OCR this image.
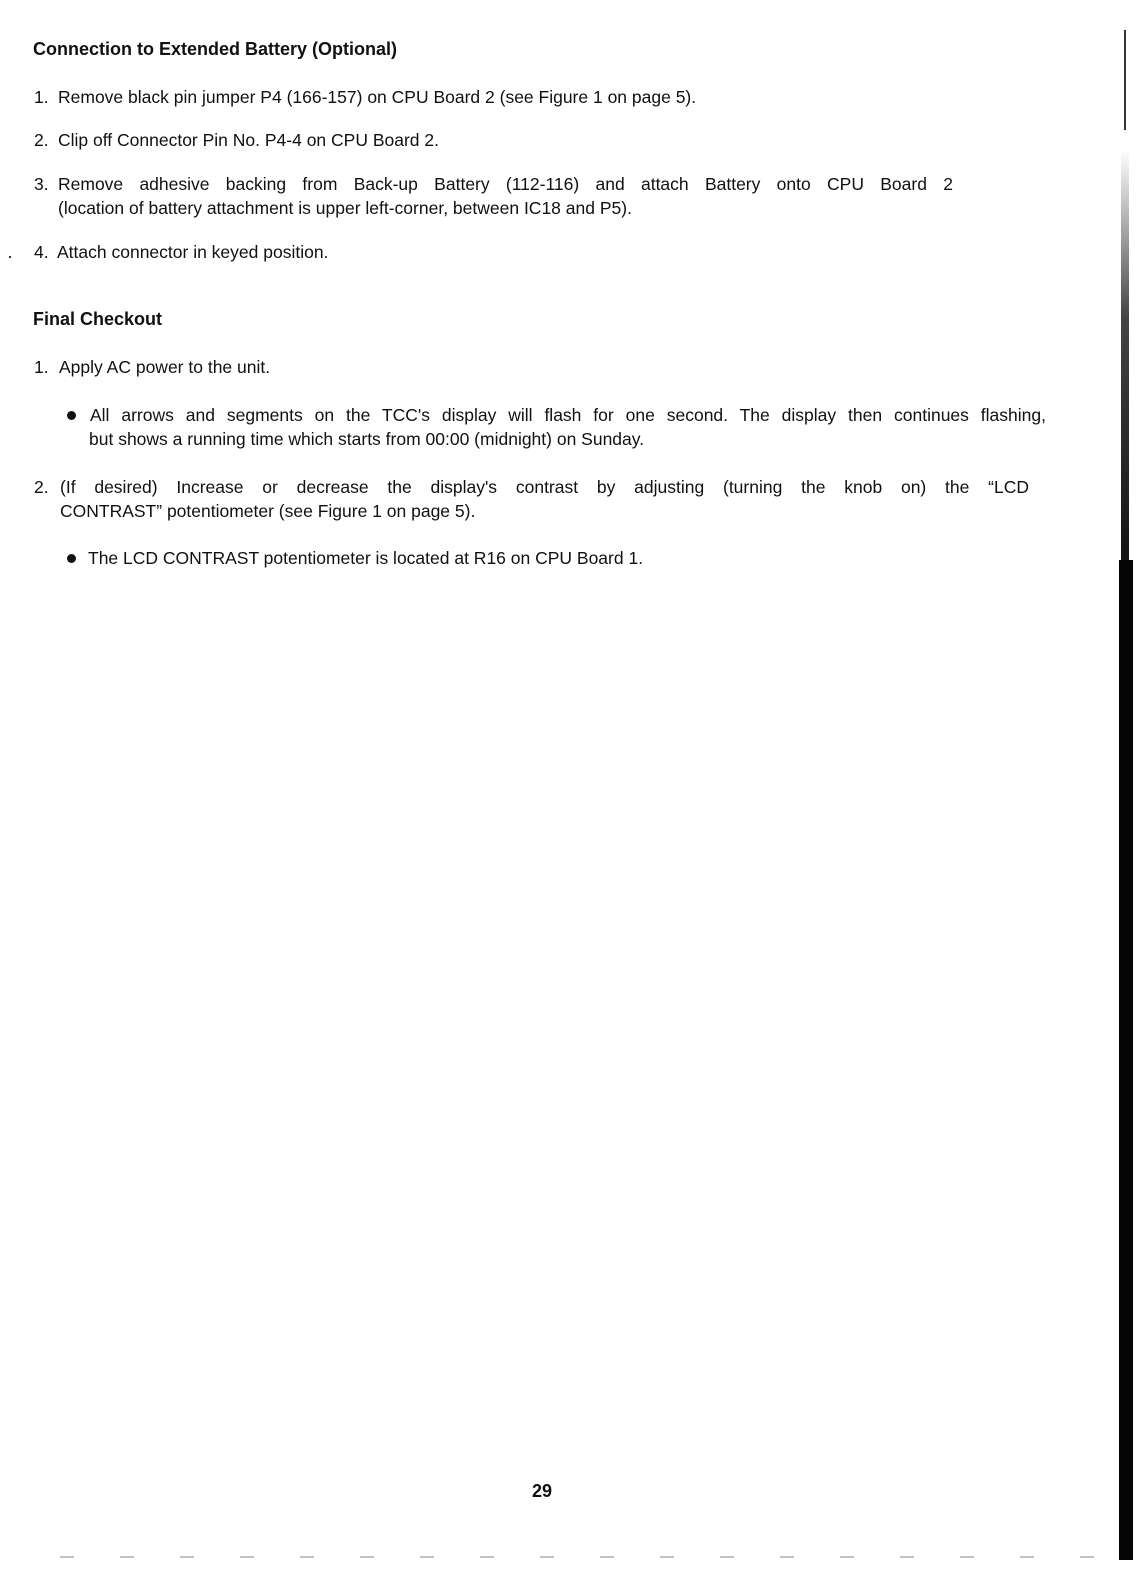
Connection to Extended Battery (Optional)
1. Remove black pin jumper P4 (166-157) on CPU Board 2 (see Figure 1 on page 5).
2. Clip off Connector Pin No. P4-4 on CPU Board 2.
3. Remove adhesive backing from Back-up Battery (112-116) and attach Battery onto CPU Board 2
(location of battery attachment is upper left-corner, between IC18 and P5).
4. Attach connector in keyed position.
Final Checkout
1. Apply AC power to the unit.
All arrows and segments on the TCC's display will flash for one second. The display then continues flashing,
but shows a running time which starts from 00:00 (midnight) on Sunday.
2. (If desired) Increase or decrease the display's contrast by adjusting (turning the knob on) the “LCD
CONTRAST” potentiometer (see Figure 1 on page 5).
The LCD CONTRAST potentiometer is located at R16 on CPU Board 1.
29
